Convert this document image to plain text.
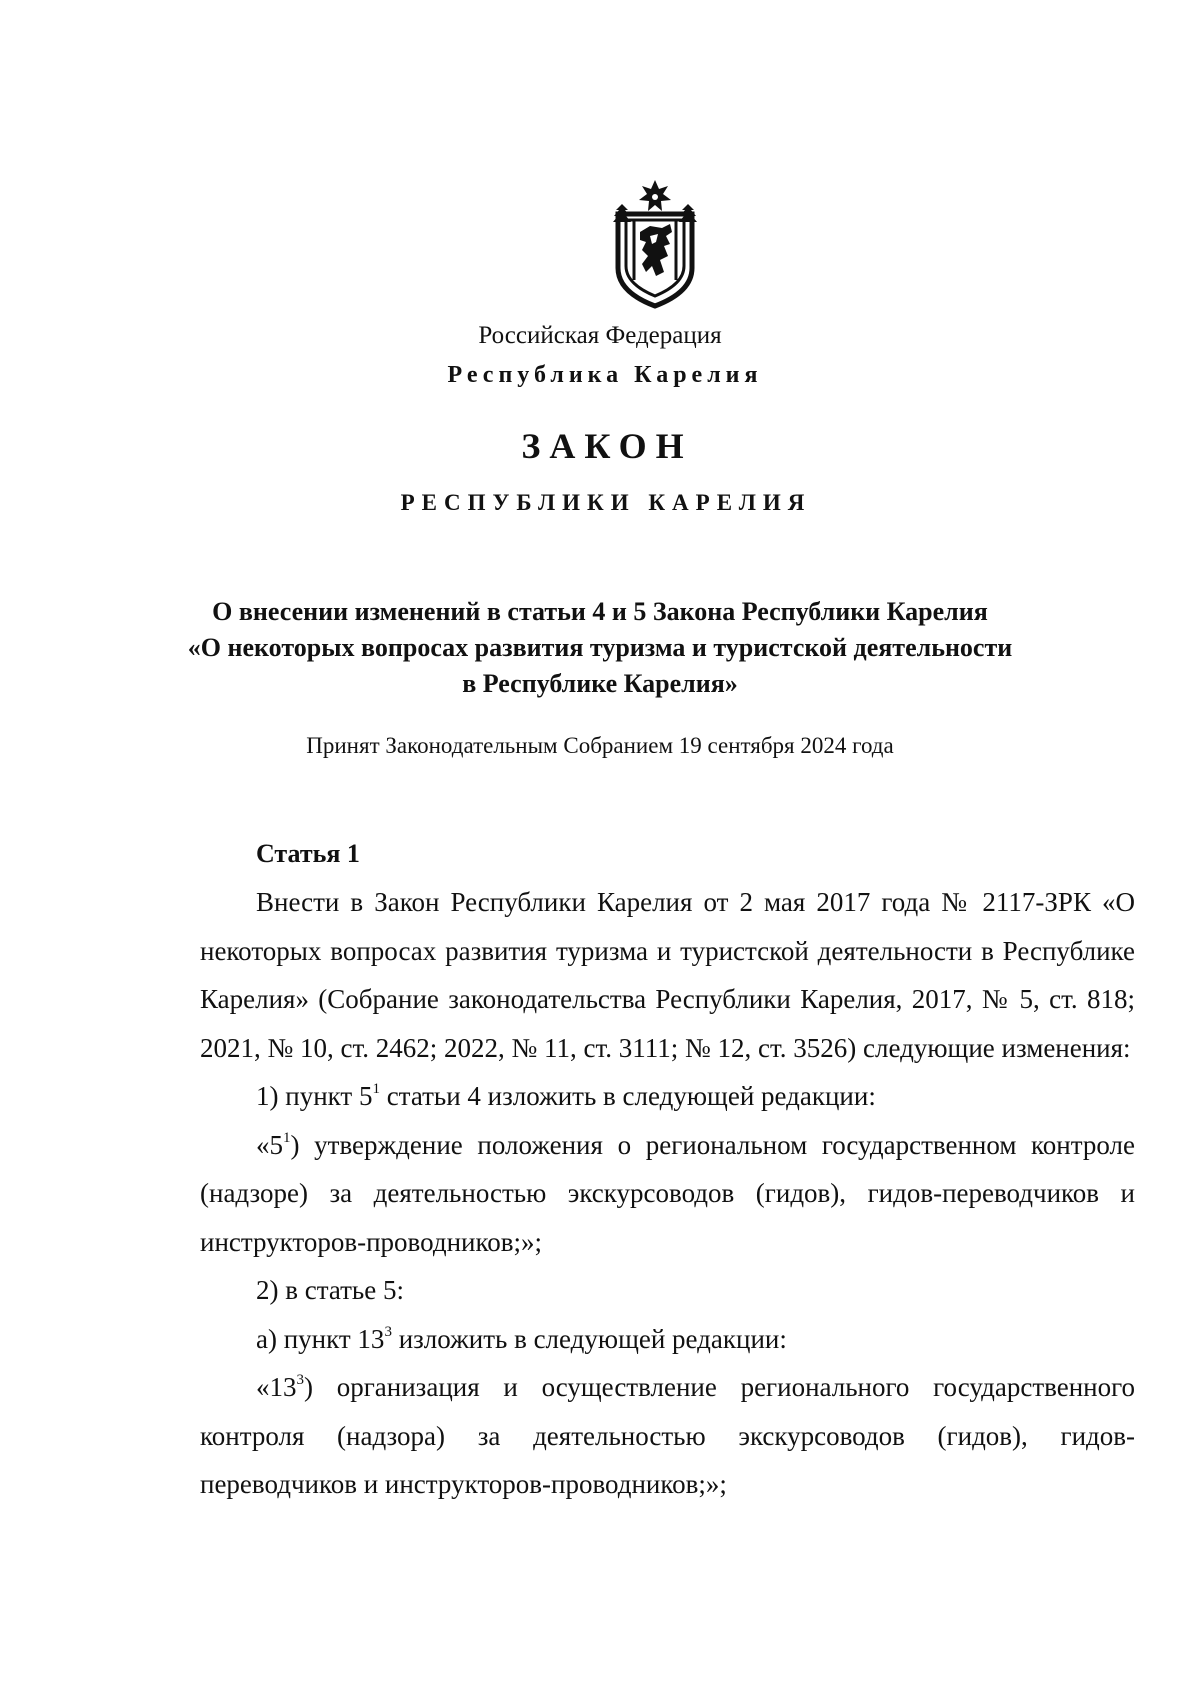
Российская Федерация
Республика Карелия
ЗАКОН
РЕСПУБЛИКИ КАРЕЛИЯ
О внесении изменений в статьи 4 и 5 Закона Республики Карелия
«О некоторых вопросах развития туризма и туристской деятельности
в Республике Карелия»
Принят Законодательным Собранием 19 сентября 2024 года
Статья 1

Внести в Закон Республики Карелия от 2 мая 2017 года № 2117-ЗРК «О некоторых вопросах развития туризма и туристской деятельности в Республике Карелия» (Собрание законодательства Республики Карелия, 2017, № 5, ст. 818; 2021, № 10, ст. 2462; 2022, № 11, ст. 3111; № 12, ст. 3526) следующие изменения:

1) пункт $5^1$ статьи 4 изложить в следующей редакции:

«$5^1$) утверждение положения о региональном государственном контроле (надзоре) за деятельностью экскурсоводов (гидов), гидов-переводчиков и инструкторов-проводников;»;

2) в статье 5:

а) пункт $13^3$ изложить в следующей редакции:

«$13^3$) организация и осуществление регионального государственного контроля (надзора) за деятельностью экскурсоводов (гидов), гидов-переводчиков и инструкторов-проводников;»;
